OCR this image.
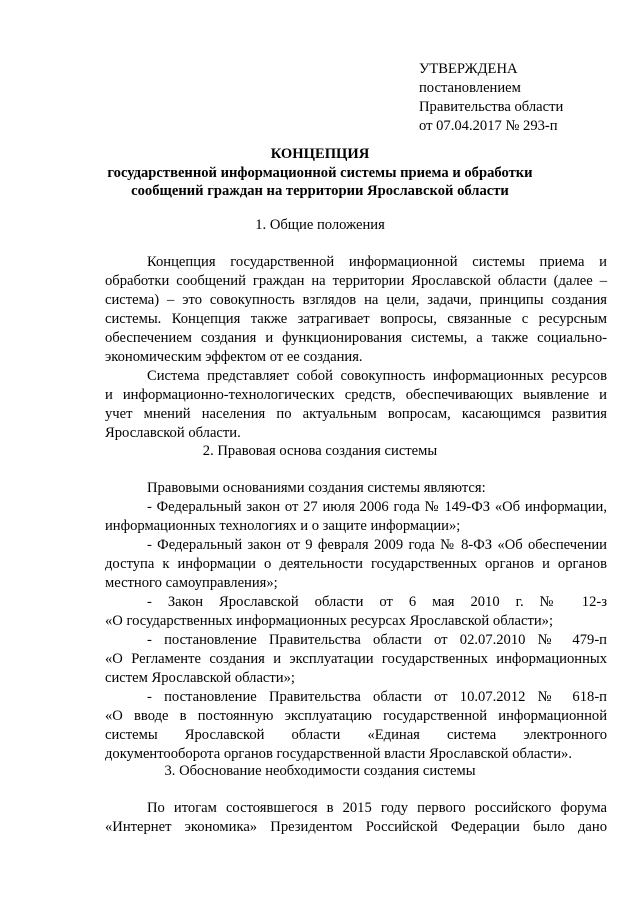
УТВЕРЖДЕНА
постановлением
Правительства области
от 07.04.2017 № 293-п
КОНЦЕПЦИЯ
государственной информационной системы приема и обработки
сообщений граждан на территории Ярославской области
1. Общие положения
Концепция государственной информационной системы приема и
обработки сообщений граждан на территории Ярославской области (далее –
система) – это совокупность взглядов на цели, задачи, принципы создания
системы. Концепция также затрагивает вопросы, связанные с ресурсным
обеспечением создания и функционирования системы, а также социально-
экономическим эффектом от ее создания.
Система представляет собой совокупность информационных ресурсов
и информационно-технологических средств, обеспечивающих выявление и
учет мнений населения по актуальным вопросам, касающимся развития
Ярославской области.
2. Правовая основа создания системы
Правовыми основаниями создания системы являются:
- Федеральный закон от 27 июля 2006 года № 149-ФЗ «Об информации,
информационных технологиях и о защите информации»;
- Федеральный закон от 9 февраля 2009 года № 8-ФЗ «Об обеспечении
доступа к информации о деятельности государственных органов и органов
местного самоуправления»;
- Закон Ярославской области от 6 мая 2010 г. № 12-з
«О государственных информационных ресурсах Ярославской области»;
- постановление Правительства области от 02.07.2010 № 479-п
«О Регламенте создания и эксплуатации государственных информационных
систем Ярославской области»;
- постановление Правительства области от 10.07.2012 № 618-п
«О вводе в постоянную эксплуатацию государственной информационной
системы Ярославской области «Единая система электронного
документооборота органов государственной власти Ярославской области».
3. Обоснование необходимости создания системы
По итогам состоявшегося в 2015 году первого российского форума
«Интернет экономика» Президентом Российской Федерации было дано
